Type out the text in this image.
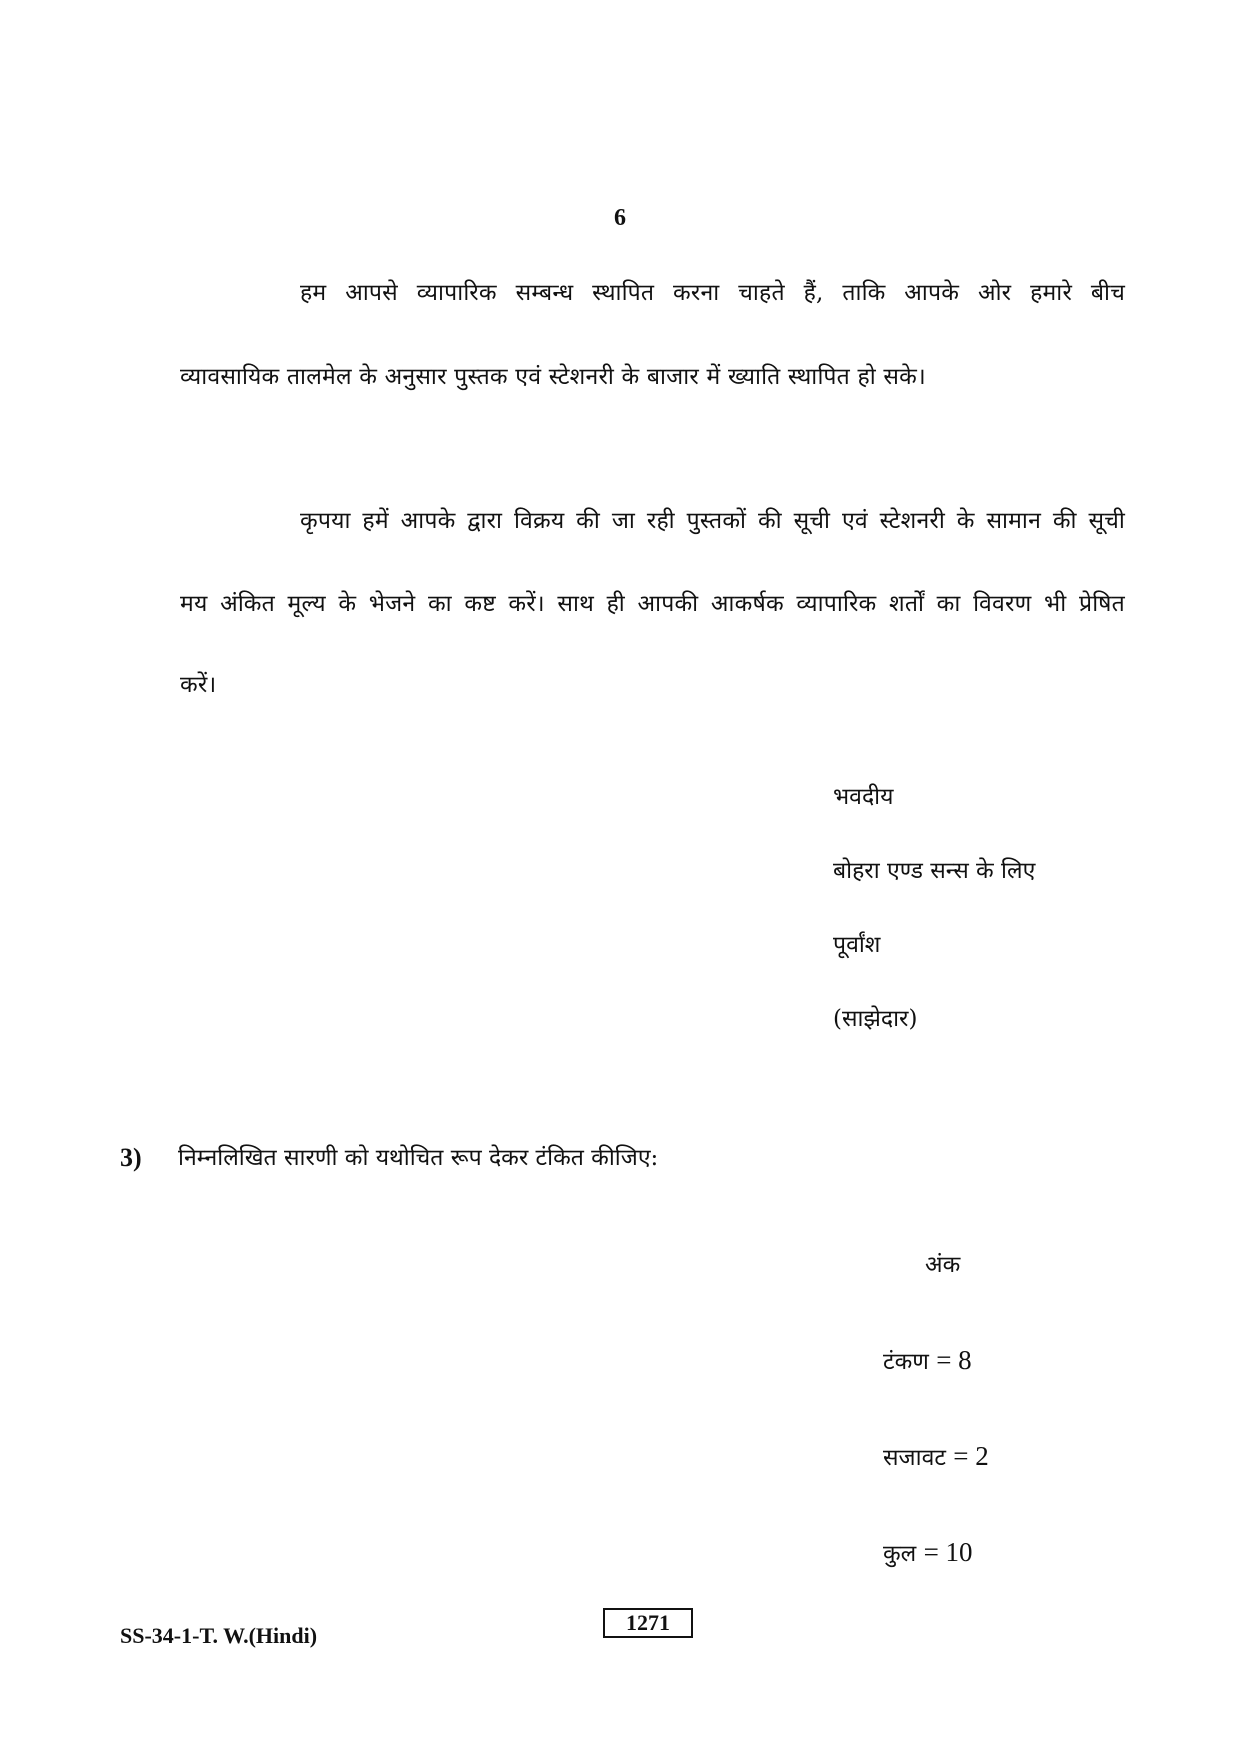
6
हम आपसे व्यापारिक सम्बन्ध स्थापित करना चाहते हैं, ताकि आपके ओर हमारे बीच
व्यावसायिक तालमेल के अनुसार पुस्तक एवं स्टेशनरी के बाजार में ख्याति स्थापित हो सके।
कृपया हमें आपके द्वारा विक्रय की जा रही पुस्तकों की सूची एवं स्टेशनरी के सामान की सूची
मय अंकित मूल्य के भेजने का कष्ट करें। साथ ही आपकी आकर्षक व्यापारिक शर्तों का विवरण भी प्रेषित
करें।
भवदीय
बोहरा एण्ड सन्स के लिए
पूर्वांश
(साझेदार)
3) निम्नलिखित सारणी को यथोचित रूप देकर टंकित कीजिए:
अंक
टंकण = 8
सजावट = 2
कुल = 10
SS-34-1-T. W.(Hindi)
1271
